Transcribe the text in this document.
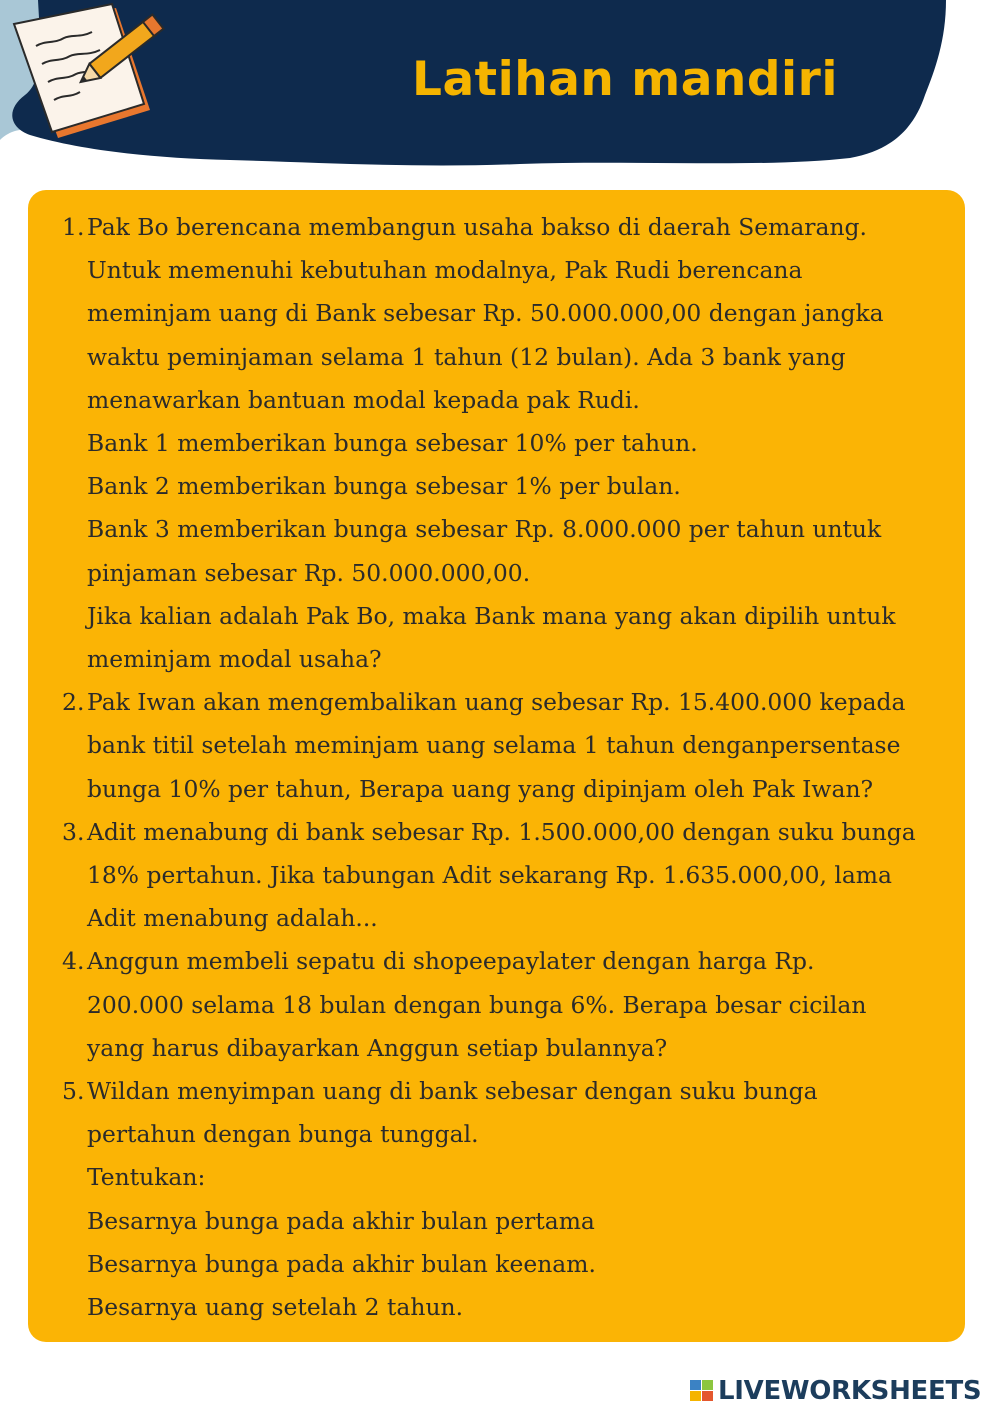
Latihan mandiri
1. Pak Bo berencana membangun usaha bakso di daerah Semarang.
Untuk memenuhi kebutuhan modalnya, Pak Rudi berencana
meminjam uang di Bank sebesar Rp. 50.000.000,00 dengan jangka
waktu peminjaman selama 1 tahun (12 bulan). Ada 3 bank yang
menawarkan bantuan modal kepada pak Rudi.
Bank 1 memberikan bunga sebesar 10% per tahun.
Bank 2 memberikan bunga sebesar 1% per bulan.
Bank 3 memberikan bunga sebesar Rp. 8.000.000 per tahun untuk
pinjaman sebesar Rp. 50.000.000,00.
Jika kalian adalah Pak Bo, maka Bank mana yang akan dipilih untuk
meminjam modal usaha?
2. Pak Iwan akan mengembalikan uang sebesar Rp. 15.400.000 kepada
bank titil setelah meminjam uang selama 1 tahun denganpersentase
bunga 10% per tahun, Berapa uang yang dipinjam oleh Pak Iwan?
3. Adit menabung di bank sebesar Rp. 1.500.000,00 dengan suku bunga
18% pertahun. Jika tabungan Adit sekarang Rp. 1.635.000,00, lama
Adit menabung adalah...
4. Anggun membeli sepatu di shopeepaylater dengan harga Rp.
200.000 selama 18 bulan dengan bunga 6%. Berapa besar cicilan
yang harus dibayarkan Anggun setiap bulannya?
5. Wildan menyimpan uang di bank sebesar dengan suku bunga
pertahun dengan bunga tunggal.
Tentukan:
Besarnya bunga pada akhir bulan pertama
Besarnya bunga pada akhir bulan keenam.
Besarnya uang setelah 2 tahun.
LIVEWORKSHEETS
